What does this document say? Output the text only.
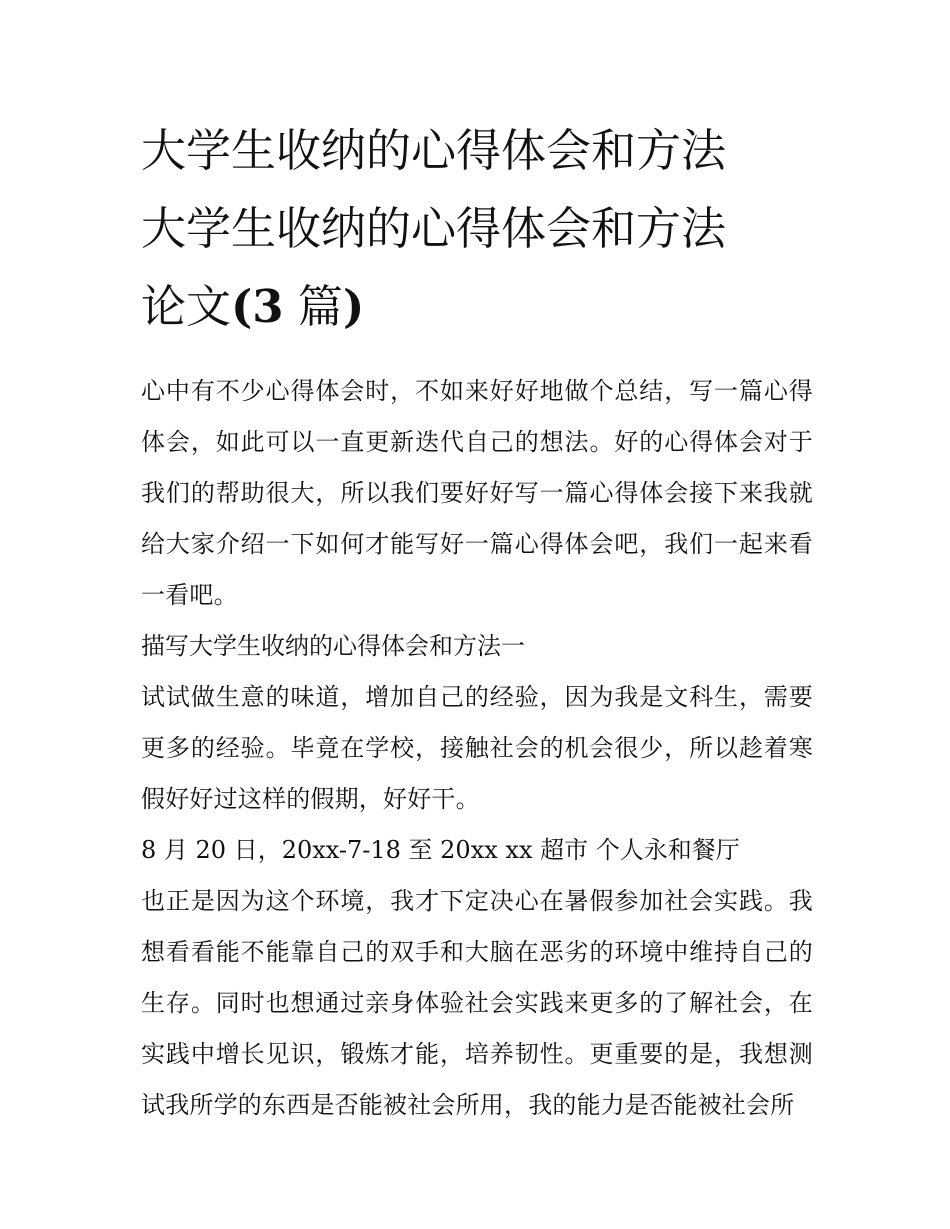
大学生收纳的心得体会和方法
大学生收纳的心得体会和方法
论文(3 篇)

心中有不少心得体会时，不如来好好地做个总结，写一篇心得体会，如此可以一直更新迭代自己的想法。好的心得体会对于我们的帮助很大，所以我们要好好写一篇心得体会接下来我就给大家介绍一下如何才能写好一篇心得体会吧，我们一起来看一看吧。

描写大学生收纳的心得体会和方法一

试试做生意的味道，增加自己的经验，因为我是文科生，需要更多的经验。毕竟在学校，接触社会的机会很少，所以趁着寒假好好过这样的假期，好好干。

8 月 20 日，20xx-7-18 至 20xx xx 超市 个人永和餐厅

也正是因为这个环境，我才下定决心在暑假参加社会实践。我想看看能不能靠自己的双手和大脑在恶劣的环境中维持自己的生存。同时也想通过亲身体验社会实践来更多的了解社会，在实践中增长见识，锻炼才能，培养韧性。更重要的是，我想测试我所学的东西是否能被社会所用，我的能力是否能被社会所
